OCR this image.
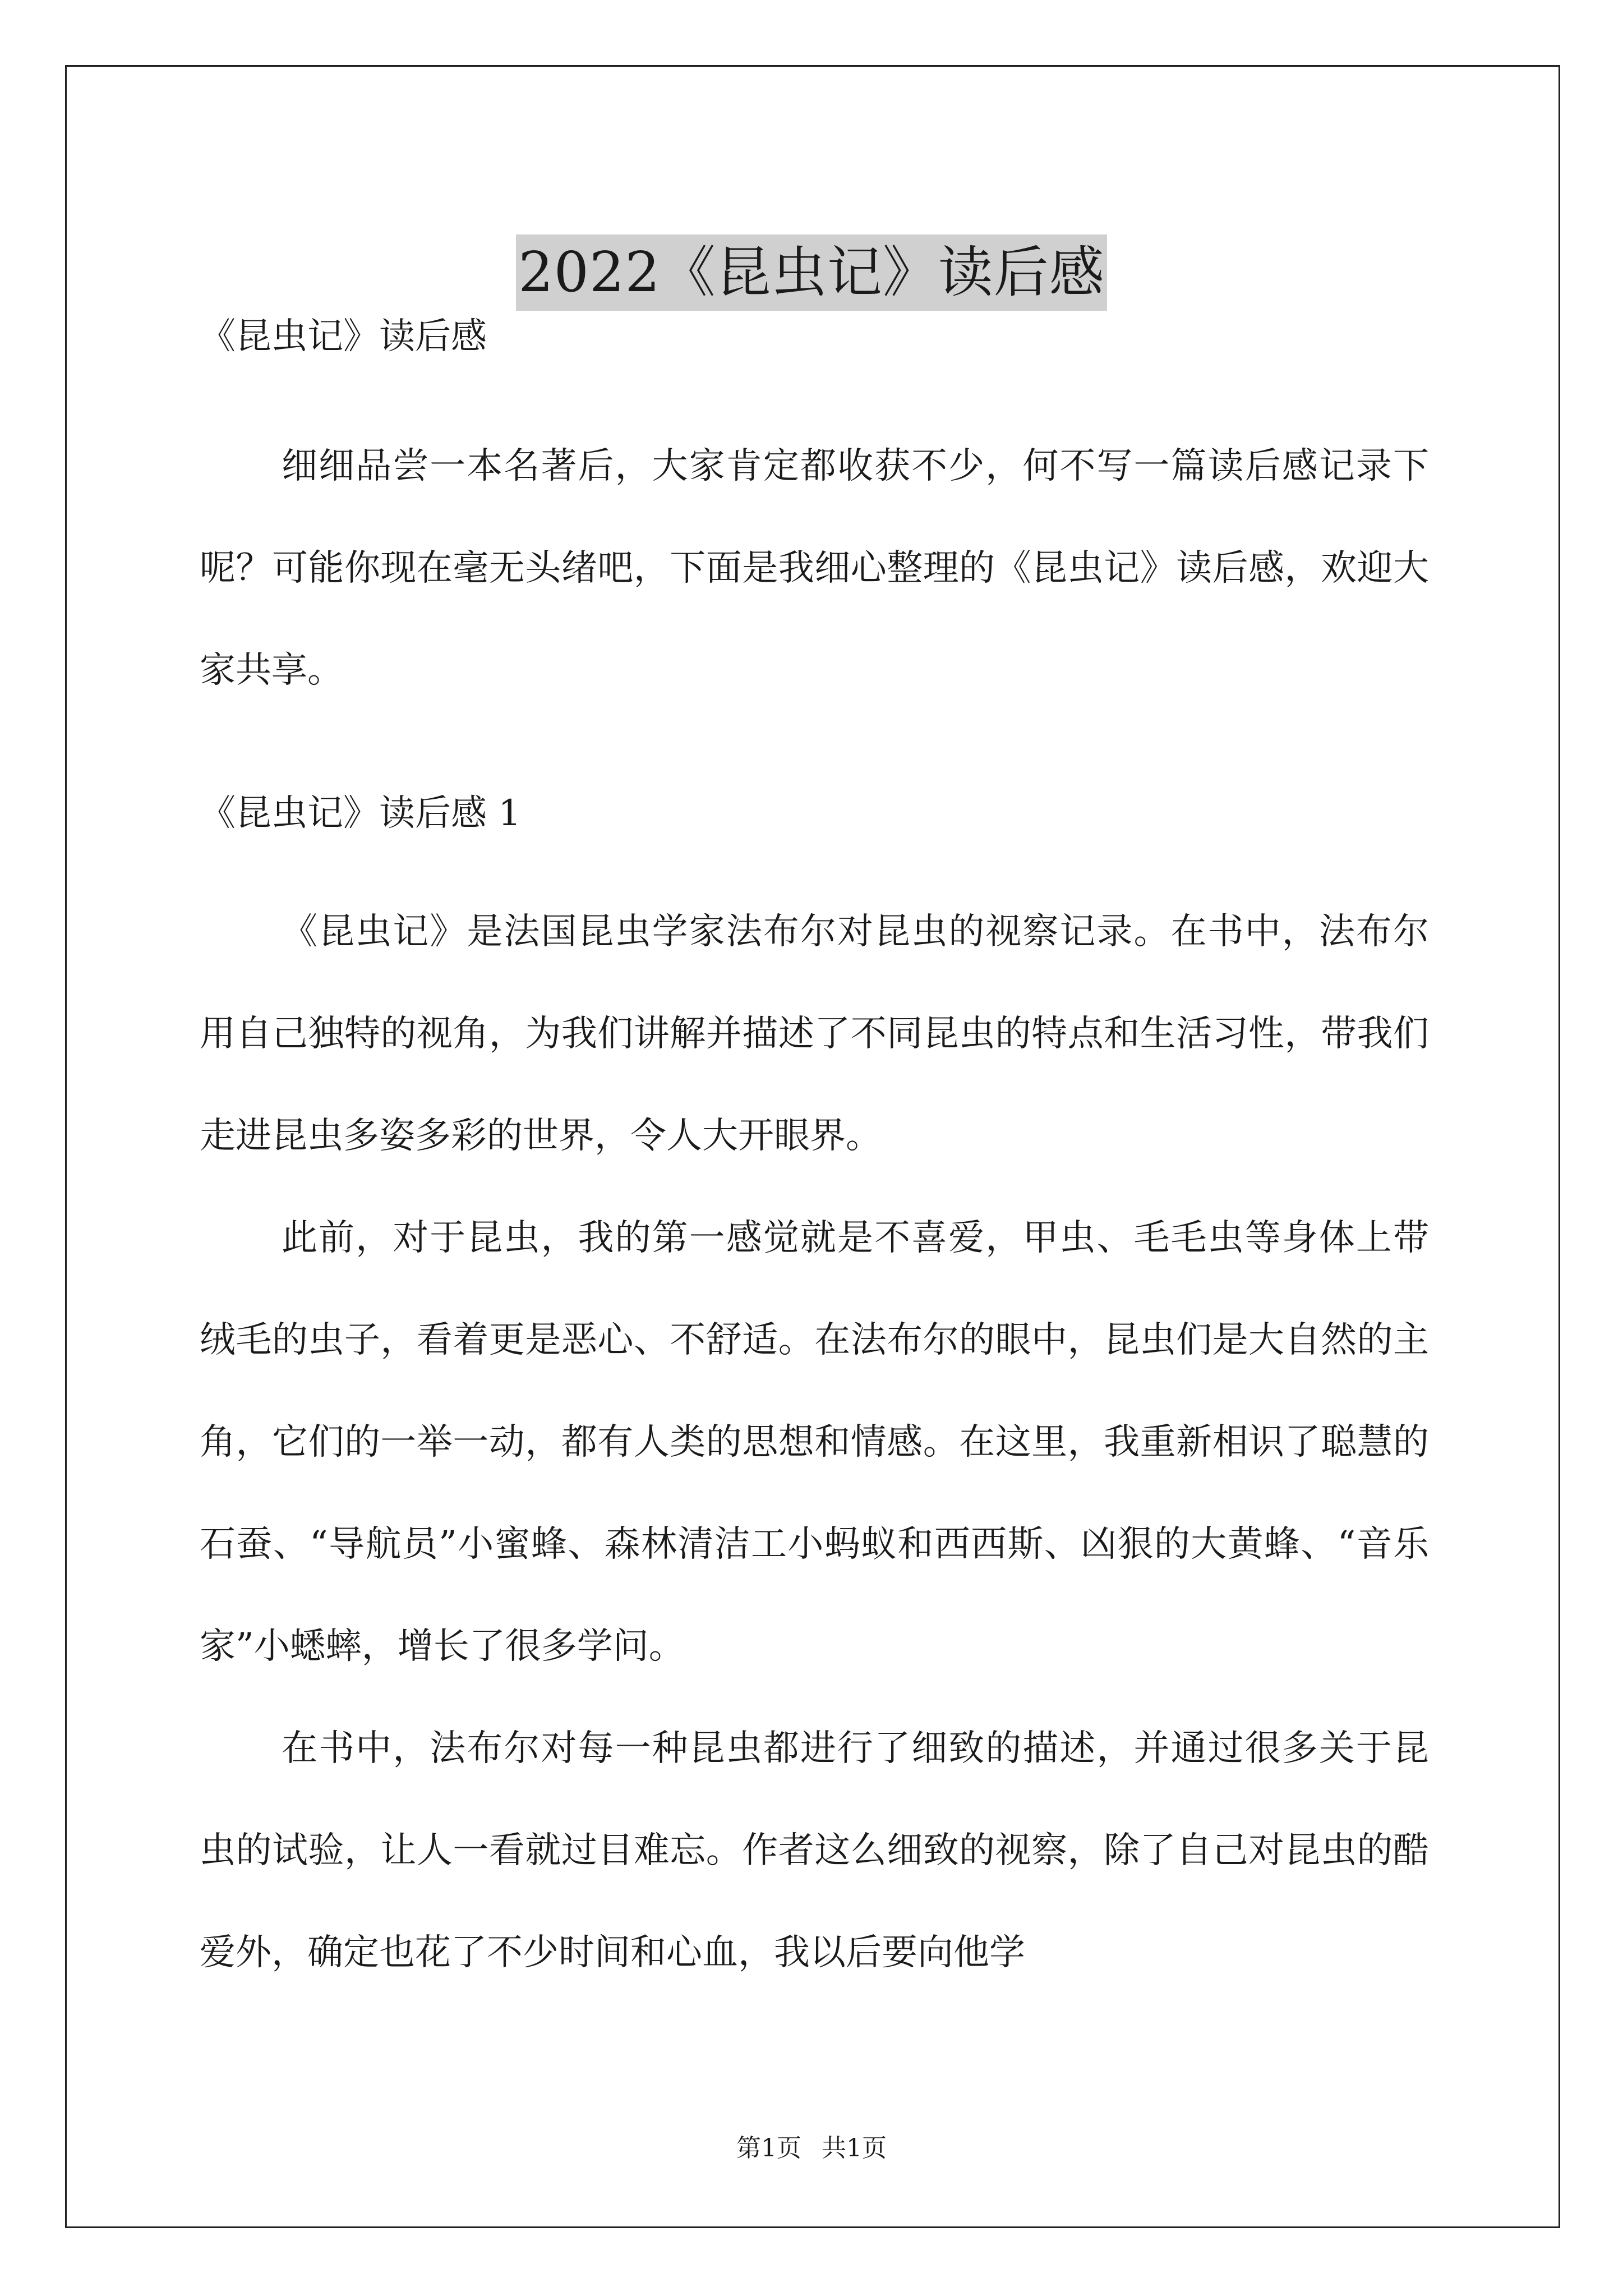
2022《昆虫记》读后感

《昆虫记》读后感

细细品尝一本名著后，大家肯定都收获不少，何不写一篇读后感记录下呢？可能你现在毫无头绪吧，下面是我细心整理的《昆虫记》读后感，欢迎大家共享。

《昆虫记》读后感 1

《昆虫记》是法国昆虫学家法布尔对昆虫的视察记录。在书中，法布尔用自己独特的视角，为我们讲解并描述了不同昆虫的特点和生活习性，带我们走进昆虫多姿多彩的世界，令人大开眼界。

此前，对于昆虫，我的第一感觉就是不喜爱，甲虫、毛毛虫等身体上带绒毛的虫子，看着更是恶心、不舒适。在法布尔的眼中，昆虫们是大自然的主角，它们的一举一动，都有人类的思想和情感。在这里，我重新相识了聪慧的石蚕、“导航员”小蜜蜂、森林清洁工小蚂蚁和西西斯、凶狠的大黄蜂、“音乐家”小蟋蟀，增长了很多学问。

在书中，法布尔对每一种昆虫都进行了细致的描述，并通过很多关于昆虫的试验，让人一看就过目难忘。作者这么细致的视察，除了自己对昆虫的酷爱外，确定也花了不少时间和心血，我以后要向他学

第1页 共1页
